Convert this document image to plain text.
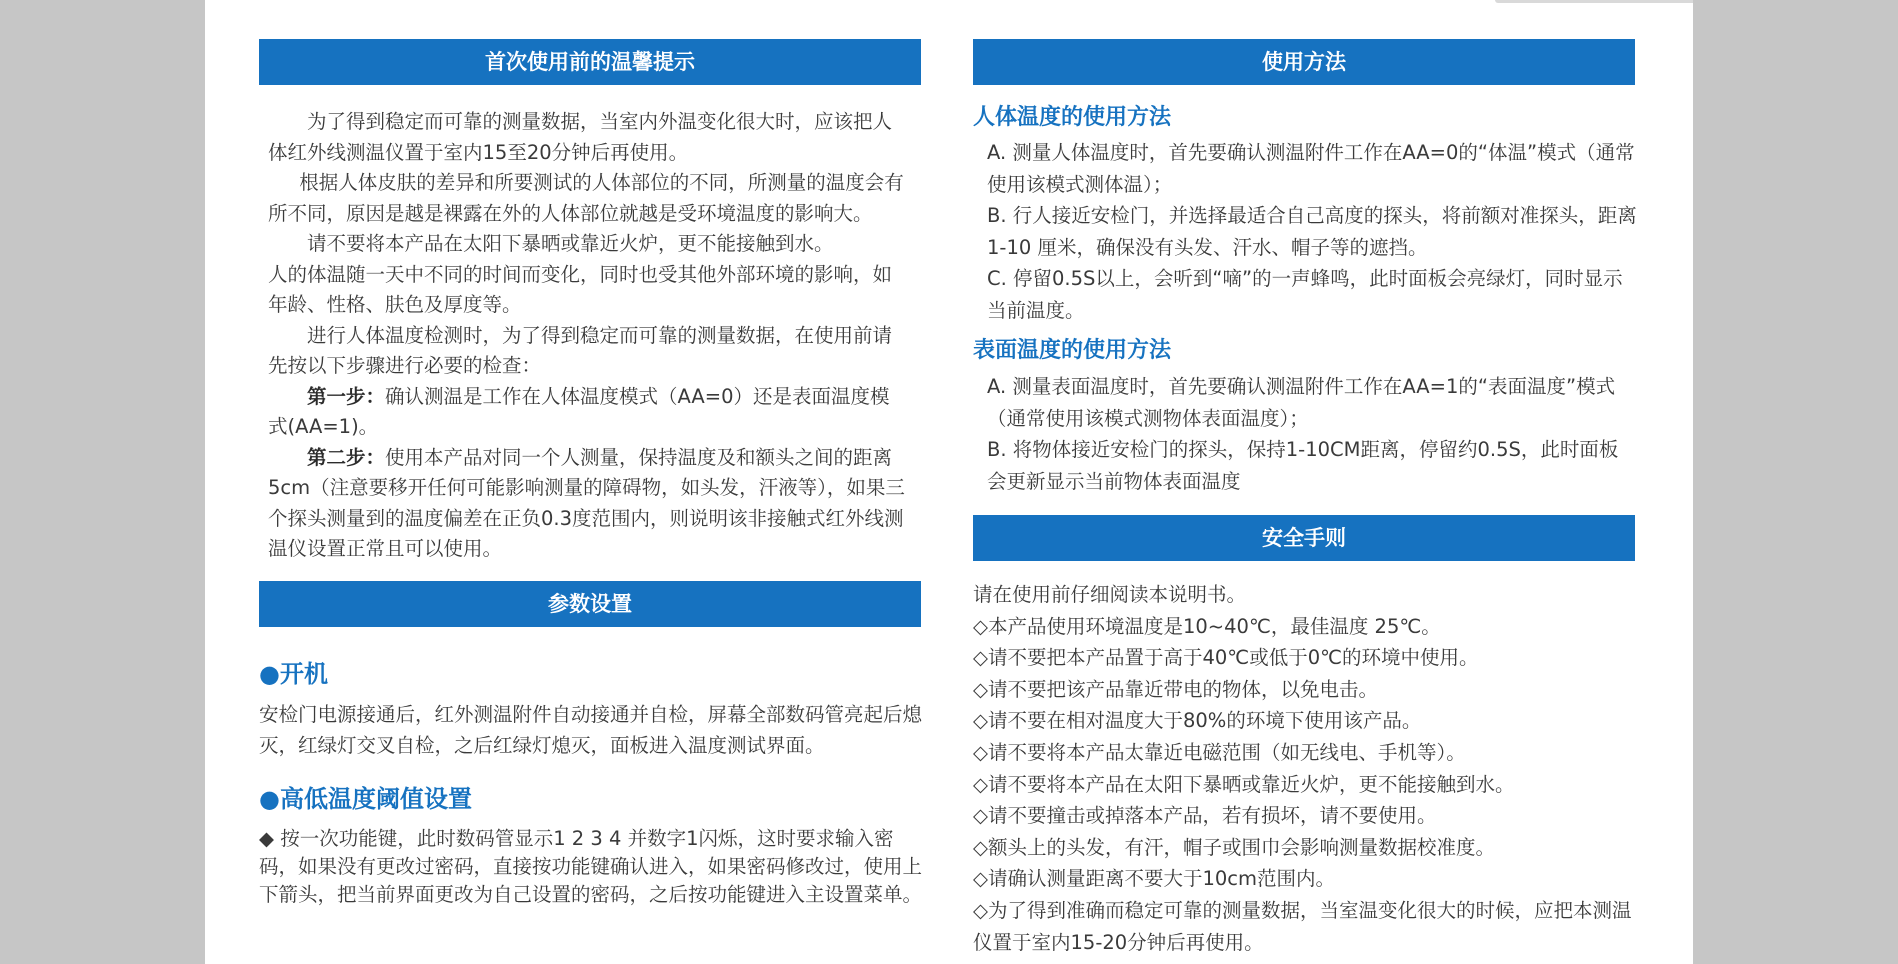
首次使用前的温馨提示

为了得到稳定而可靠的测量数据，当室内外温变化很大时，应该把人体红外线测温仪置于室内15至20分钟后再使用。

根据人体皮肤的差异和所要测试的人体部位的不同，所测量的温度会有所不同，原因是越是裸露在外的人体部位就越是受环境温度的影响大。

请不要将本产品在太阳下暴晒或靠近火炉，更不能接触到水。

人的体温随一天中不同的时间而变化，同时也受其他外部环境的影响，如年龄、性格、肤色及厚度等。

进行人体温度检测时，为了得到稳定而可靠的测量数据，在使用前请先按以下步骤进行必要的检查：

第一步：确认测温是工作在人体温度模式（AA=0）还是表面温度模式(AA=1)。

第二步：使用本产品对同一个人测量，保持温度及和额头之间的距离5cm（注意要移开任何可能影响测量的障碍物，如头发，汗液等），如果三个探头测量到的温度偏差在正负0.3度范围内，则说明该非接触式红外线测温仪设置正常且可以使用。

参数设置
●开机
安检门电源接通后，红外测温附件自动接通并自检，屏幕全部数码管亮起后熄灭，红绿灯交叉自检，之后红绿灯熄灭，面板进入温度测试界面。
●高低温度阈值设置
◆ 按一次功能键，此时数码管显示1 2 3 4 并数字1闪烁，这时要求输入密码，如果没有更改过密码，直接按功能键确认进入，如果密码修改过，使用上下箭头，把当前界面更改为自己设置的密码，之后按功能键进入主设置菜单。
使用方法
人体温度的使用方法

A. 测量人体温度时，首先要确认测温附件工作在AA=0的“体温”模式（通常使用该模式测体温）；

B. 行人接近安检门，并选择最适合自己高度的探头，将前额对准探头，距离 1-10 厘米，确保没有头发、汗水、帽子等的遮挡。

C. 停留0.5S以上，会听到“嘀”的一声蜂鸣，此时面板会亮绿灯，同时显示当前温度。

表面温度的使用方法

A. 测量表面温度时，首先要确认测温附件工作在AA=1的“表面温度”模式（通常使用该模式测物体表面温度）；

B. 将物体接近安检门的探头，保持1-10CM距离，停留约0.5S，此时面板会更新显示当前物体表面温度

安全手则

请在使用前仔细阅读本说明书。

◇本产品使用环境温度是10~40℃，最佳温度 25℃。

◇请不要把本产品置于高于40℃或低于0℃的环境中使用。

◇请不要把该产品靠近带电的物体，以免电击。

◇请不要在相对温度大于80%的环境下使用该产品。

◇请不要将本产品太靠近电磁范围（如无线电、手机等）。

◇请不要将本产品在太阳下暴晒或靠近火炉，更不能接触到水。

◇请不要撞击或掉落本产品，若有损坏，请不要使用。

◇额头上的头发，有汗，帽子或围巾会影响测量数据校准度。

◇请确认测量距离不要大于10cm范围内。

◇为了得到准确而稳定可靠的测量数据，当室温变化很大的时候，应把本测温仪置于室内15-20分钟后再使用。
